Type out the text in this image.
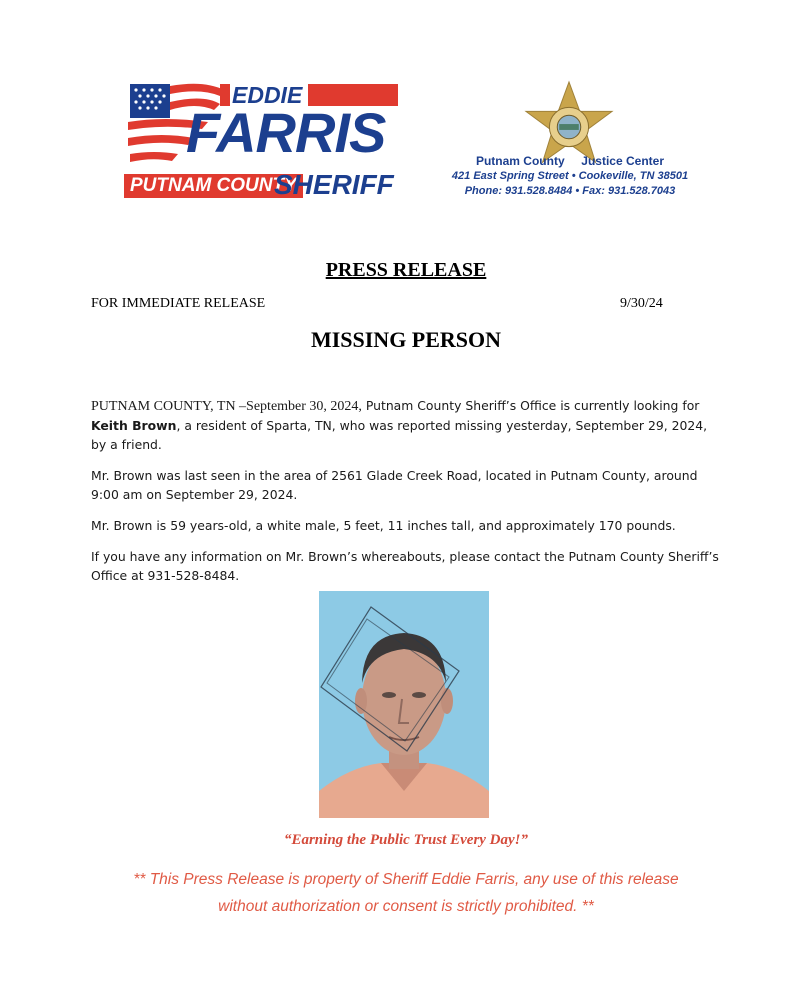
EDDIE
FARRIS
PUTNAM COUNTY
SHERIFF
Putnam County     Justice Center
421 East Spring Street • Cookeville, TN 38501
Phone: 931.528.8484 • Fax: 931.528.7043
PRESS RELEASE
FOR IMMEDIATE RELEASE	9/30/24
MISSING PERSON

PUTNAM COUNTY, TN –September 30, 2024, Putnam County Sheriff’s Office is currently looking for Keith Brown, a resident of Sparta, TN, who was reported missing yesterday, September 29, 2024, by a friend.

Mr. Brown was last seen in the area of 2561 Glade Creek Road, located in Putnam County, around 9:00 am on September 29, 2024.

Mr. Brown is 59 years-old, a white male, 5 feet, 11 inches tall, and approximately 170 pounds.

If you have any information on Mr. Brown’s whereabouts, please contact the Putnam County Sheriff’s Office at 931-528-8484.

“Earning the Public Trust Every Day!”
** This Press Release is property of Sheriff Eddie Farris, any use of this release
without authorization or consent is strictly prohibited. **
